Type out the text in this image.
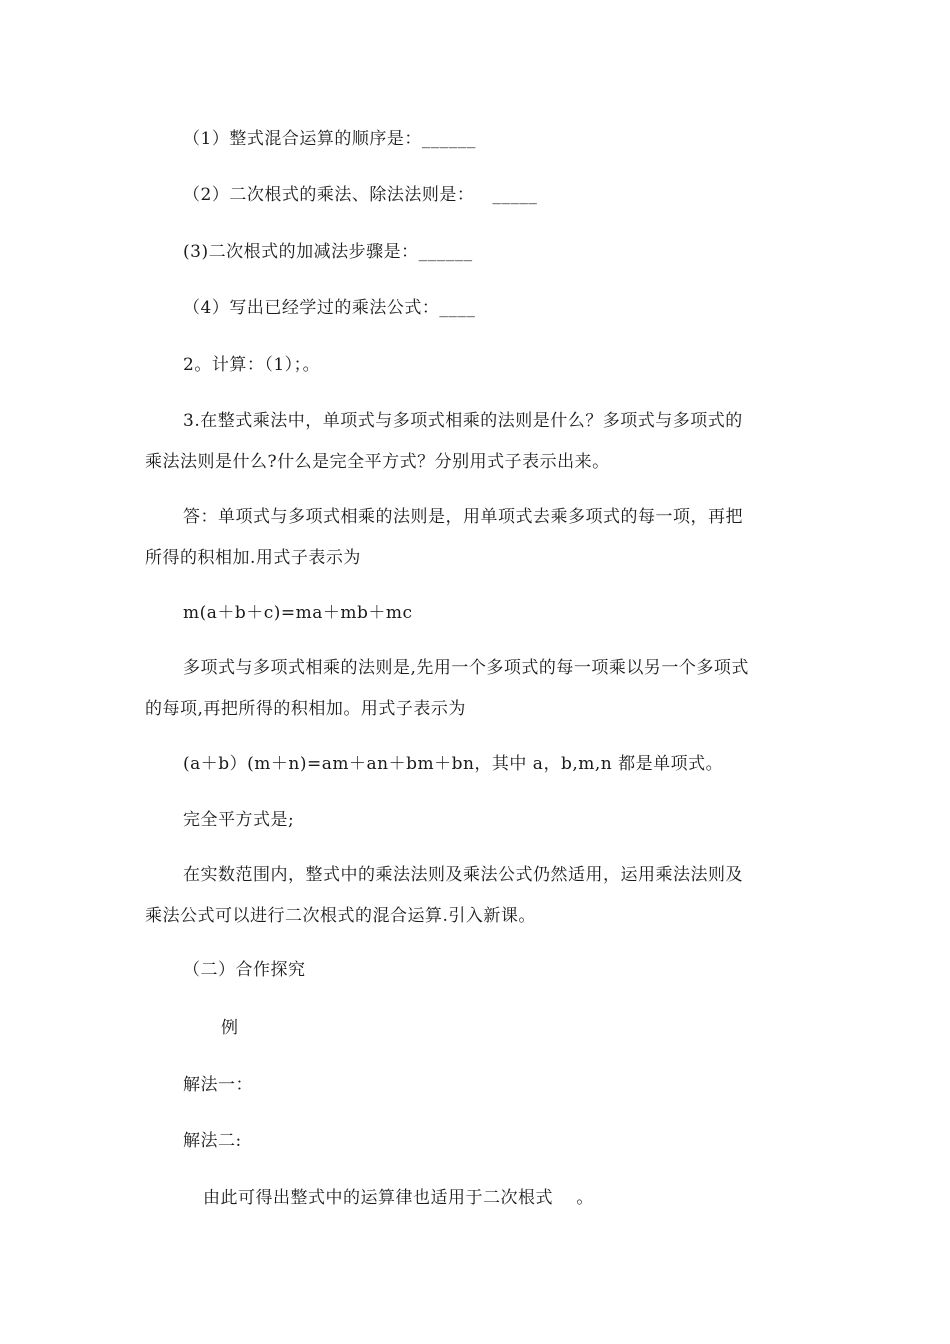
（1）整式混合运算的顺序是：______
（2）二次根式的乘法、除法法则是： _____
(3)二次根式的加减法步骤是：______
（4）写出已经学过的乘法公式：____
2。计算：（1）；。
3.在整式乘法中，单项式与多项式相乘的法则是什么？多项式与多项式的
乘法法则是什么?什么是完全平方式？分别用式子表示出来。
答：单项式与多项式相乘的法则是，用单项式去乘多项式的每一项，再把
所得的积相加.用式子表示为
m(a＋b＋c)=ma＋mb＋mc
多项式与多项式相乘的法则是,先用一个多项式的每一项乘以另一个多项式
的每项,再把所得的积相加。用式子表示为
(a＋b）(m＋n)=am＋an＋bm＋bn，其中 a，b,m,n 都是单项式。
完全平方式是;
在实数范围内，整式中的乘法法则及乘法公式仍然适用，运用乘法法则及
乘法公式可以进行二次根式的混合运算.引入新课。
（二）合作探究
例
解法一：
解法二:
由此可得出整式中的运算律也适用于二次根式　 。
